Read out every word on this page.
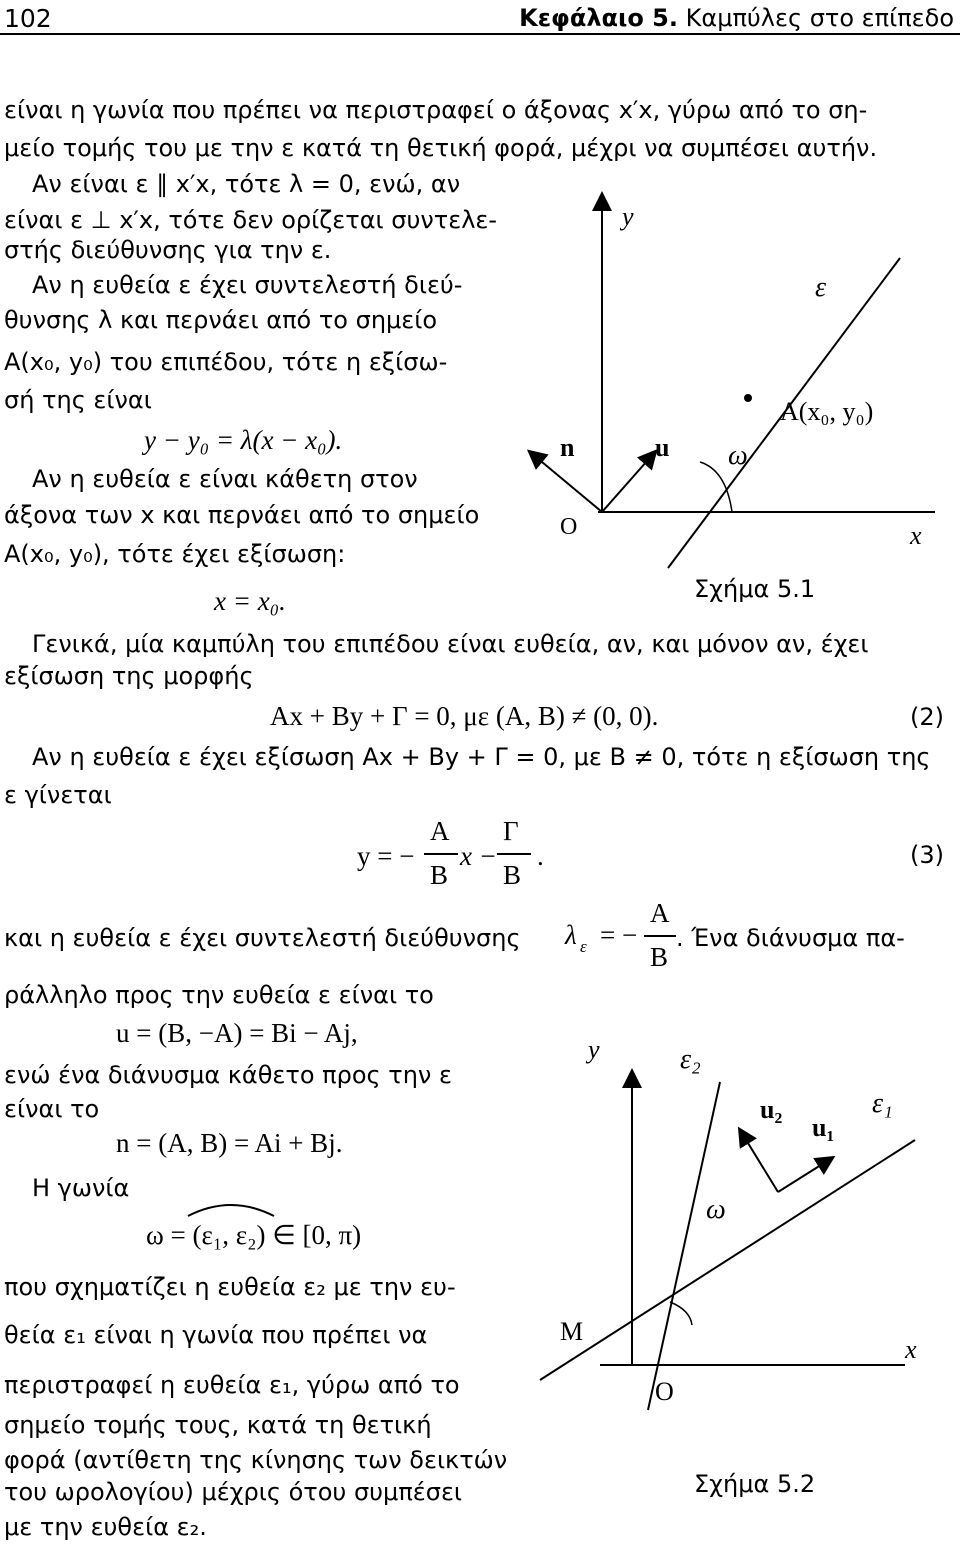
102	Κεφάλαιο 5. Καμπύλες στο επίπεδο
είναι η γωνία που πρέπει να περιστραφεί ο άξονας x′x, γύρω από το ση-
μείο τομής του με την ε κατά τη θετική φορά, μέχρι να συμπέσει αυτήν.
Αν είναι ε ∥ x′x, τότε λ = 0, ενώ, αν
είναι ε ⊥ x′x, τότε δεν ορίζεται συντελε-
στής διεύθυνσης για την ε.
Αν η ευθεία ε έχει συντελεστή διεύ-
θυνσης λ και περνάει από το σημείο
A(x₀, y₀) του επιπέδου, τότε η εξίσω-
σή της είναι
y − y₀ = λ(x − x₀).
Αν η ευθεία ε είναι κάθετη στον
άξονα των x και περνάει από το σημείο
A(x₀, y₀), τότε έχει εξίσωση:
x = x₀.
Γενικά, μία καμπύλη του επιπέδου είναι ευθεία, αν, και μόνον αν, έχει
εξίσωση της μορφής
Ax + By + Γ = 0, με (A, B) ≠ (0, 0).	(2)
Αν η ευθεία ε έχει εξίσωση Ax + By + Γ = 0, με B ≠ 0, τότε η εξίσωση της
ε γίνεται
y = −
A
B
x −
Γ
B
.	(3)
και η ευθεία ε έχει συντελεστή διεύθυνσης λ ε = −
A
B
. Ένα διάνυσμα πα-
ράλληλο προς την ευθεία ε είναι το
u = (B, −A) = Bi − Aj,
ενώ ένα διάνυσμα κάθετο προς την ε
είναι το
n = (A, B) = Ai + Bj.
Η γωνία
ω = (ε₁, ε₂) ∈ [0, π)
που σχηματίζει η ευθεία ε₂ με την ευ-
θεία ε₁ είναι η γωνία που πρέπει να
περιστραφεί η ευθεία ε₁, γύρω από το
σημείο τομής τους, κατά τη θετική
φορά (αντίθετη της κίνησης των δεικτών
του ωρολογίου) μέχρις ότου συμπέσει
με την ευθεία ε₂.
y
ε
A(x₀, y₀)
n	u ω
O	x
Σχήμα 5.1
y	ε₂
u₂
u₁
ε₁
ω
M
O
x
Σχήμα 5.2
